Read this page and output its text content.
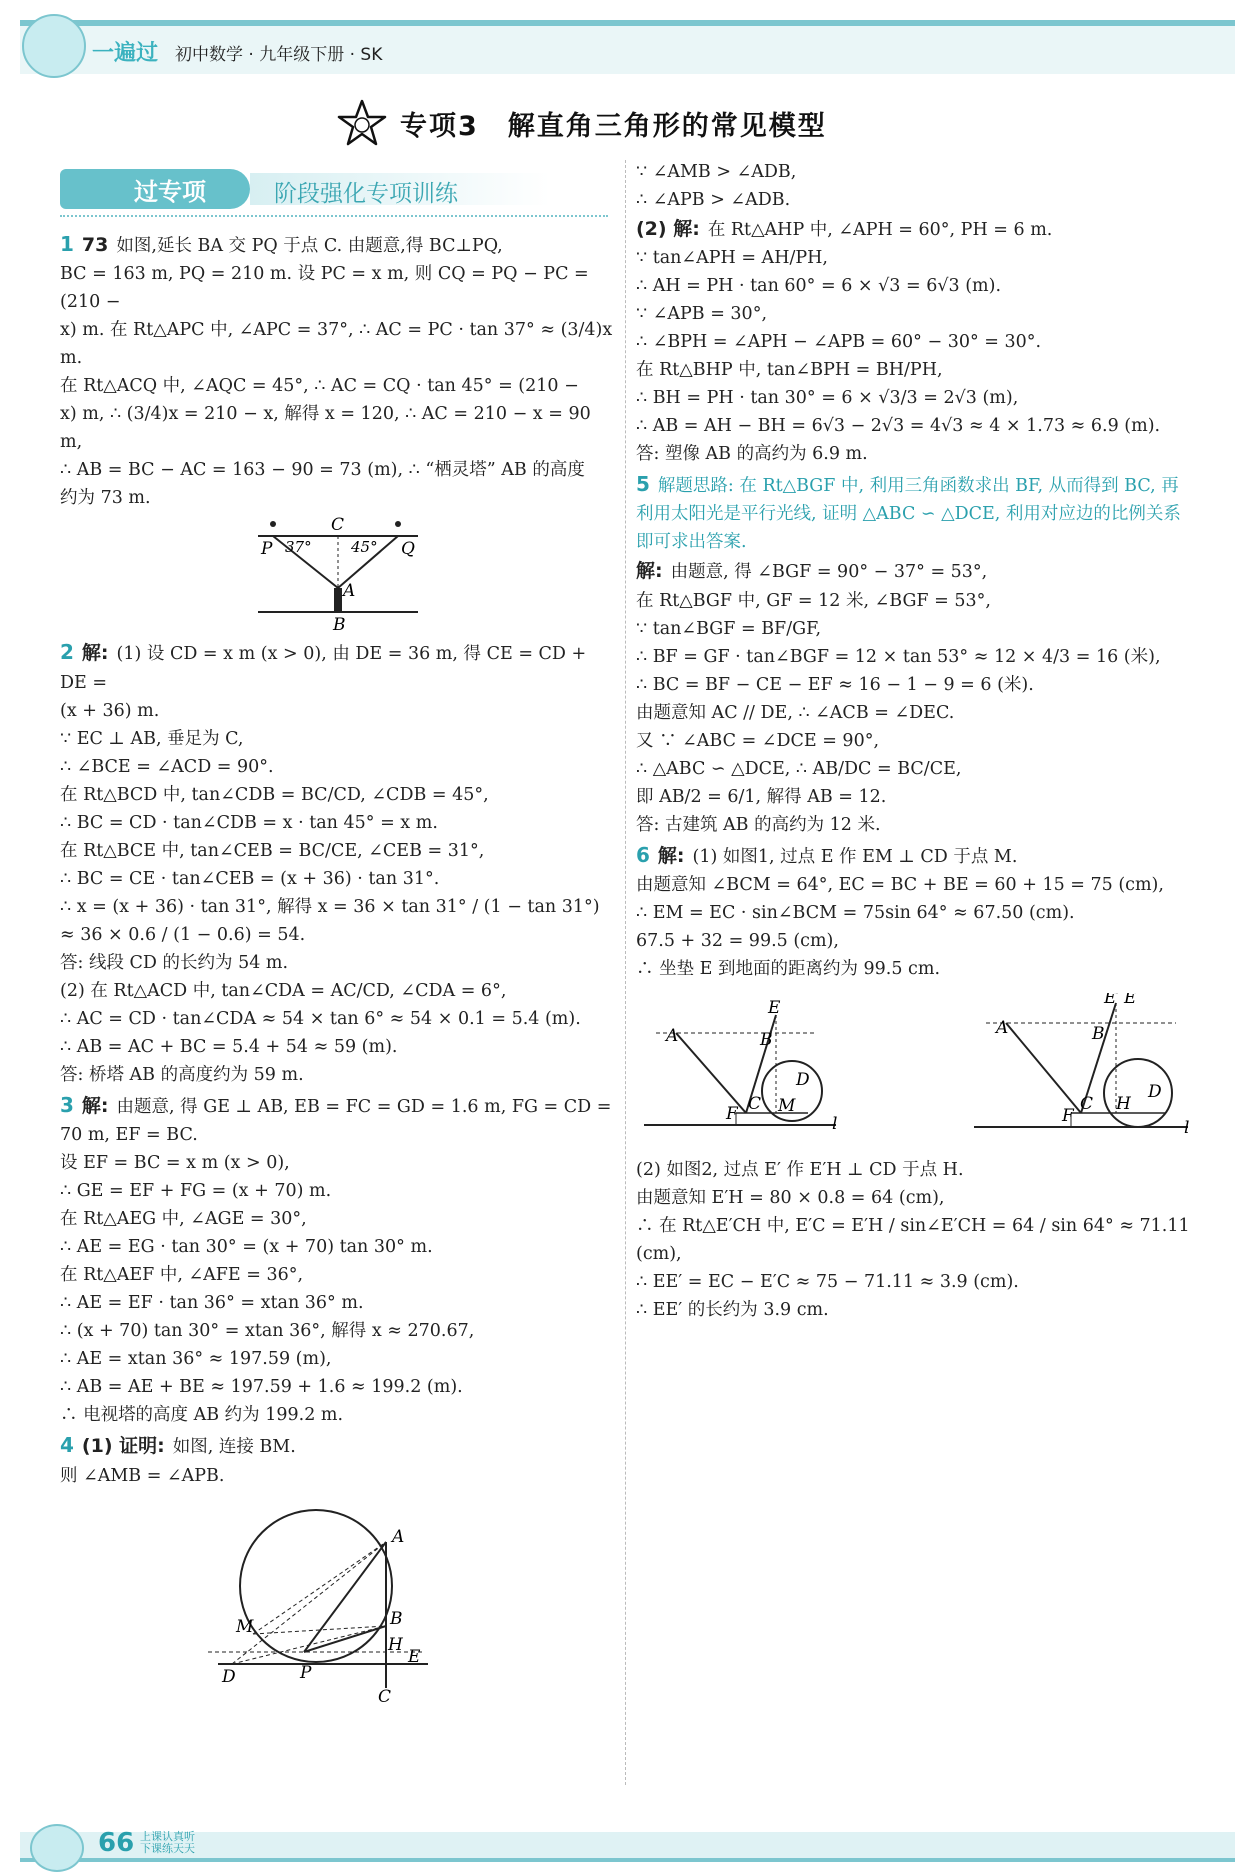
一遍过 初中数学 · 九年级下册 · SK
专项3　解直角三角形的常见模型
过专项	阶段强化专项训练

1 73 如图,延长 BA 交 PQ 于点 C. 由题意,得 BC⊥PQ,

BC = 163 m, PQ = 210 m. 设 PC = x m, 则 CQ = PQ − PC = (210 −

x) m. 在 Rt△APC 中, ∠APC = 37°, ∴ AC = PC · tan 37° ≈ (3/4)x m.

在 Rt△ACQ 中, ∠AQC = 45°, ∴ AC = CQ · tan 45° = (210 −

x) m, ∴ (3/4)x = 210 − x, 解得 x = 120, ∴ AC = 210 − x = 90 m,

∴ AB = BC − AC = 163 − 90 = 73 (m), ∴ “栖灵塔” AB 的高度

约为 73 m.

P
C
Q
A
B
37°	45°

2 解: (1) 设 CD = x m (x > 0), 由 DE = 36 m, 得 CE = CD + DE =

(x + 36) m.

∵ EC ⊥ AB, 垂足为 C,

∴ ∠BCE = ∠ACD = 90°.

在 Rt△BCD 中, tan∠CDB = BC/CD, ∠CDB = 45°,

∴ BC = CD · tan∠CDB = x · tan 45° = x m.

在 Rt△BCE 中, tan∠CEB = BC/CE, ∠CEB = 31°,

∴ BC = CE · tan∠CEB = (x + 36) · tan 31°.

∴ x = (x + 36) · tan 31°, 解得 x = 36 × tan 31° / (1 − tan 31°) ≈ 36 × 0.6 / (1 − 0.6) = 54.

答: 线段 CD 的长约为 54 m.

(2) 在 Rt△ACD 中, tan∠CDA = AC/CD, ∠CDA = 6°,

∴ AC = CD · tan∠CDA ≈ 54 × tan 6° ≈ 54 × 0.1 = 5.4 (m).

∴ AB = AC + BC = 5.4 + 54 ≈ 59 (m).

答: 桥塔 AB 的高度约为 59 m.

3 解: 由题意, 得 GE ⊥ AB, EB = FC = GD = 1.6 m, FG = CD =

70 m, EF = BC.

设 EF = BC = x m (x > 0),

∴ GE = EF + FG = (x + 70) m.

在 Rt△AEG 中, ∠AGE = 30°,

∴ AE = EG · tan 30° = (x + 70) tan 30° m.

在 Rt△AEF 中, ∠AFE = 36°,

∴ AE = EF · tan 36° = xtan 36° m.

∴ (x + 70) tan 30° = xtan 36°, 解得 x ≈ 270.67,

∴ AE = xtan 36° ≈ 197.59 (m),

∴ AB = AE + BE ≈ 197.59 + 1.6 ≈ 199.2 (m).

∴ 电视塔的高度 AB 约为 199.2 m.

4 (1) 证明: 如图, 连接 BM.

则 ∠AMB = ∠APB.

A
M	B
H
E
D	P
C

∵ ∠AMB > ∠ADB,

∴ ∠APB > ∠ADB.

(2) 解: 在 Rt△AHP 中, ∠APH = 60°, PH = 6 m.

∵ tan∠APH = AH/PH,

∴ AH = PH · tan 60° = 6 × √3 = 6√3 (m).

∵ ∠APB = 30°,

∴ ∠BPH = ∠APH − ∠APB = 60° − 30° = 30°.

在 Rt△BHP 中, tan∠BPH = BH/PH,

∴ BH = PH · tan 30° = 6 × √3/3 = 2√3 (m),

∴ AB = AH − BH = 6√3 − 2√3 = 4√3 ≈ 4 × 1.73 ≈ 6.9 (m).

答: 塑像 AB 的高约为 6.9 m.

5 解题思路: 在 Rt△BGF 中, 利用三角函数求出 BF, 从而得到 BC, 再利用太阳光是平行光线, 证明 △ABC ∽ △DCE, 利用对应边的比例关系即可求出答案.

解: 由题意, 得 ∠BGF = 90° − 37° = 53°,

在 Rt△BGF 中, GF = 12 米, ∠BGF = 53°,

∵ tan∠BGF = BF/GF,

∴ BF = GF · tan∠BGF = 12 × tan 53° ≈ 12 × 4/3 = 16 (米),

∴ BC = BF − CE − EF ≈ 16 − 1 − 9 = 6 (米).

由题意知 AC // DE, ∴ ∠ACB = ∠DEC.

又 ∵ ∠ABC = ∠DCE = 90°,

∴ △ABC ∽ △DCE, ∴ AB/DC = BC/CE,

即 AB/2 = 6/1, 解得 AB = 12.

答: 古建筑 AB 的高约为 12 米.

6 解: (1) 如图1, 过点 E 作 EM ⊥ CD 于点 M.

由题意知 ∠BCM = 64°, EC = BC + BE = 60 + 15 = 75 (cm),

∴ EM = EC · sin∠BCM = 75sin 64° ≈ 67.50 (cm).

67.5 + 32 = 99.5 (cm),

∴ 坐垫 E 到地面的距离约为 99.5 cm.

E
A	B
D
F C M
l
E′ E
A	B
D
C H
F
l

(2) 如图2, 过点 E′ 作 E′H ⊥ CD 于点 H.

由题意知 E′H = 80 × 0.8 = 64 (cm),

∴ 在 Rt△E′CH 中, E′C = E′H / sin∠E′CH = 64 / sin 64° ≈ 71.11 (cm),

∴ EE′ = EC − E′C ≈ 75 − 71.11 ≈ 3.9 (cm).

∴ EE′ 的长约为 3.9 cm.

66 上课认真听 下课练天天
